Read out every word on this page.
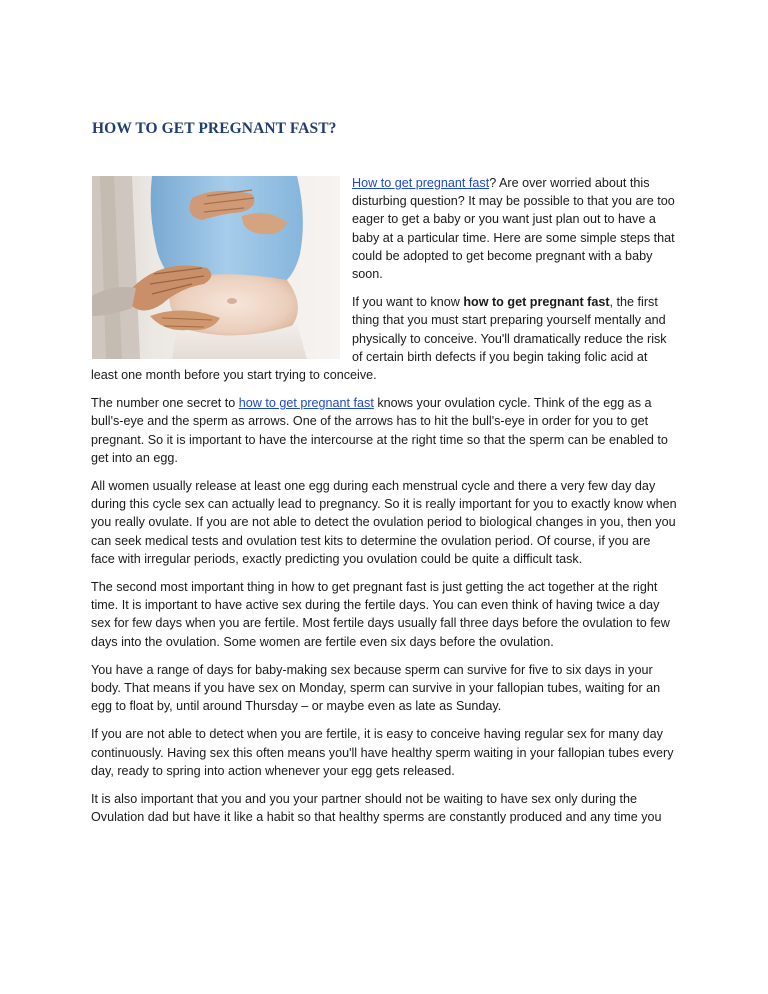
HOW TO GET PREGNANT FAST?

How to get pregnant fast? Are over worried about this disturbing question? It may be possible to that you are too eager to get a baby or you want just plan out to have a baby at a particular time. Here are some simple steps that could be adopted to get become pregnant with a baby soon.

If you want to know how to get pregnant fast, the first thing that you must start preparing yourself mentally and physically to conceive. You'll dramatically reduce the risk of certain birth defects if you begin taking folic acid at least one month before you start trying to conceive.

The number one secret to how to get pregnant fast knows your ovulation cycle. Think of the egg as a bull's-eye and the sperm as arrows. One of the arrows has to hit the bull's-eye in order for you to get pregnant. So it is important to have the intercourse at the right time so that the sperm can be enabled to get into an egg.

All women usually release at least one egg during each menstrual cycle and there a very few day day during this cycle sex can actually lead to pregnancy. So it is really important for you to exactly know when you really ovulate. If you are not able to detect the ovulation period to biological changes in you, then you can seek medical tests and ovulation test kits to determine the ovulation period. Of course, if you are face with irregular periods, exactly predicting you ovulation could be quite a difficult task.

The second most important thing in how to get pregnant fast is just getting the act together at the right time. It is important to have active sex during the fertile days. You can even think of having twice a day sex for few days when you are fertile. Most fertile days usually fall three days before the ovulation to few days into the ovulation. Some women are fertile even six days before the ovulation.

You have a range of days for baby-making sex because sperm can survive for five to six days in your body. That means if you have sex on Monday, sperm can survive in your fallopian tubes, waiting for an egg to float by, until around Thursday – or maybe even as late as Sunday.

If you are not able to detect when you are fertile, it is easy to conceive having regular sex for many day continuously. Having sex this often means you'll have healthy sperm waiting in your fallopian tubes every day, ready to spring into action whenever your egg gets released.

It is also important that you and you your partner should not be waiting to have sex only during the Ovulation dad but have it like a habit so that healthy sperms are constantly produced and any time you
